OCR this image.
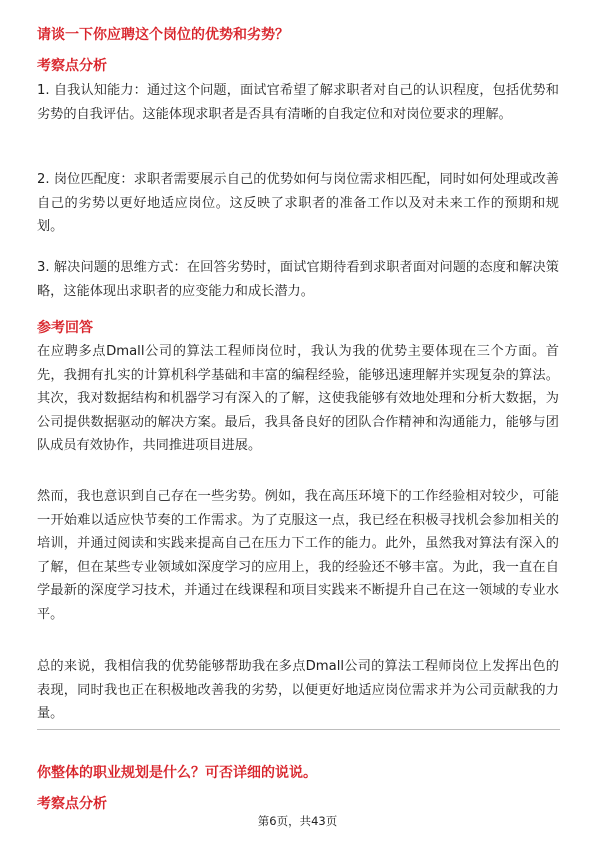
请谈一下你应聘这个岗位的优势和劣势？
考察点分析

1. 自我认知能力：通过这个问题，面试官希望了解求职者对自己的认识程度，包括优势和劣势的自我评估。这能体现求职者是否具有清晰的自我定位和对岗位要求的理解。

2. 岗位匹配度：求职者需要展示自己的优势如何与岗位需求相匹配，同时如何处理或改善自己的劣势以更好地适应岗位。这反映了求职者的准备工作以及对未来工作的预期和规划。

3. 解决问题的思维方式：在回答劣势时，面试官期待看到求职者面对问题的态度和解决策略，这能体现出求职者的应变能力和成长潜力。

参考回答

在应聘多点Dmall公司的算法工程师岗位时，我认为我的优势主要体现在三个方面。首先，我拥有扎实的计算机科学基础和丰富的编程经验，能够迅速理解并实现复杂的算法。其次，我对数据结构和机器学习有深入的了解，这使我能够有效地处理和分析大数据，为公司提供数据驱动的解决方案。最后，我具备良好的团队合作精神和沟通能力，能够与团队成员有效协作，共同推进项目进展。

然而，我也意识到自己存在一些劣势。例如，我在高压环境下的工作经验相对较少，可能一开始难以适应快节奏的工作需求。为了克服这一点，我已经在积极寻找机会参加相关的培训，并通过阅读和实践来提高自己在压力下工作的能力。此外，虽然我对算法有深入的了解，但在某些专业领域如深度学习的应用上，我的经验还不够丰富。为此，我一直在自学最新的深度学习技术，并通过在线课程和项目实践来不断提升自己在这一领域的专业水平。

总的来说，我相信我的优势能够帮助我在多点Dmall公司的算法工程师岗位上发挥出色的表现，同时我也正在积极地改善我的劣势，以便更好地适应岗位需求并为公司贡献我的力量。

你整体的职业规划是什么？可否详细的说说。
考察点分析
第6页，共43页
